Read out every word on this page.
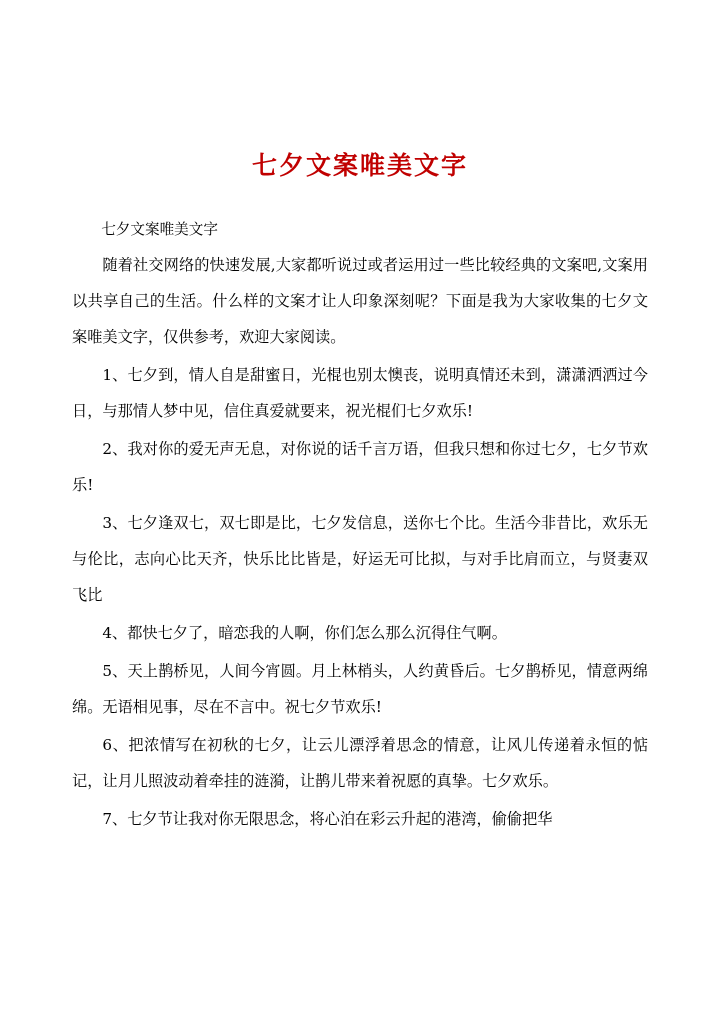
七夕文案唯美文字

七夕文案唯美文字

随着社交网络的快速发展,大家都听说过或者运用过一些比较经典的文案吧,文案用以共享自己的生活。什么样的文案才让人印象深刻呢？下面是我为大家收集的七夕文案唯美文字，仅供参考，欢迎大家阅读。

1、七夕到，情人自是甜蜜日，光棍也别太懊丧，说明真情还未到，潇潇洒洒过今日，与那情人梦中见，信住真爱就要来，祝光棍们七夕欢乐!

2、我对你的爱无声无息，对你说的话千言万语，但我只想和你过七夕，七夕节欢乐!

3、七夕逢双七，双七即是比，七夕发信息，送你七个比。生活今非昔比，欢乐无与伦比，志向心比天齐，快乐比比皆是，好运无可比拟，与对手比肩而立，与贤妻双飞比

4、都快七夕了，暗恋我的人啊，你们怎么那么沉得住气啊。

5、天上鹊桥见，人间今宵圆。月上林梢头，人约黄昏后。七夕鹊桥见，情意两绵绵。无语相见事，尽在不言中。祝七夕节欢乐!

6、把浓情写在初秋的七夕，让云儿漂浮着思念的情意，让风儿传递着永恒的惦记，让月儿照波动着牵挂的涟漪，让鹊儿带来着祝愿的真挚。七夕欢乐。

7、七夕节让我对你无限思念，将心泊在彩云升起的港湾，偷偷把华
